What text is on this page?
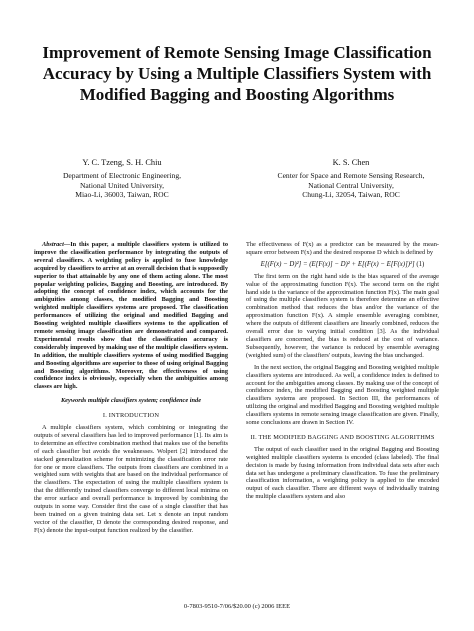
Improvement of Remote Sensing Image Classification Accuracy by Using a Multiple Classifiers System with Modified Bagging and Boosting Algorithms
Y. C. Tzeng, S. H. Chiu
Department of Electronic Engineering,
National United University,
Miao-Li, 36003, Taiwan, ROC
K. S. Chen
Center for Space and Remote Sensing Research,
National Central University,
Chung-Li, 32054, Taiwan, ROC

Abstract—In this paper, a multiple classifiers system is utilized to improve the classification performance by integrating the outputs of several classifiers. A weighting policy is applied to fuse knowledge acquired by classifiers to arrive at an overall decision that is supposedly superior to that attainable by any one of them acting alone. The most popular weighting policies, Bagging and Boosting, are introduced. By adopting the concept of confidence index, which accounts for the ambiguities among classes, the modified Bagging and Boosting weighted multiple classifiers systems are proposed. The classification performances of utilizing the original and modified Bagging and Boosting weighted multiple classifiers systems to the application of remote sensing image classification are demonstrated and compared. Experimental results show that the classification accuracy is considerably improved by making use of the multiple classifiers system. In addition, the multiple classifiers systems of using modified Bagging and Boosting algorithms are superior to those of using original Bagging and Boosting algorithms. Moreover, the effectiveness of using confidence index is obviously, especially when the ambiguities among classes are high.

Keywords multiple classifiers system; confidence inde
I. INTRODUCTION

A multiple classifiers system, which combining or integrating the outputs of several classifiers has led to improved performance [1]. Its aim is to determine an effective combination method that makes use of the benefits of each classifier but avoids the weaknesses. Wolpert [2] introduced the stacked generalization scheme for minimizing the classification error rate for one or more classifiers. The outputs from classifiers are combined in a weighted sum with weights that are based on the individual performance of the classifiers. The expectation of using the multiple classifiers system is that the differently trained classifiers converge to different local minima on the error surface and overall performance is improved by combining the outputs in some way. Consider first the case of a single classifier that has been trained on a given training data set. Let x denote an input random vector of the classifier, D denote the corresponding desired response, and F(x) denote the input-output function realized by the classifier.

The effectiveness of F(x) as a predictor can be measured by the mean-square error between F(x) and the desired response D which is defined by

E[(F(x) − D)²] = (E[F(x)] − D)² + E[(F(x) − E[F(x)])²] (1)

The first term on the right hand side is the bias squared of the average value of the approximating function F(x). The second term on the right hand side is the variance of the approximation function F(x). The main goal of using the multiple classifiers system is therefore determine an effective combination method that reduces the bias and/or the variance of the approximation function F(x). A simple ensemble averaging combiner, where the outputs of different classifiers are linearly combined, reduces the overall error due to varying initial condition [3]. As the individual classifiers are concerned, the bias is reduced at the cost of variance. Subsequently, however, the variance is reduced by ensemble averaging (weighted sum) of the classifiers' outputs, leaving the bias unchanged.

In the next section, the original Bagging and Boosting weighted multiple classifiers systems are introduced. As well, a confidence index is defined to account for the ambiguities among classes. By making use of the concept of confidence index, the modified Bagging and Boosting weighted multiple classifiers systems are proposed. In Section III, the performances of utilizing the original and modified Bagging and Boosting weighted multiple classifiers systems in remote sensing image classification are given. Finally, some conclusions are drawn in Section IV.

II. THE MODIFIED BAGGING AND BOOSTING ALGORITHMS

The output of each classifier used in the original Bagging and Boosting weighted multiple classifiers systems is encoded (class labeled). The final decision is made by fusing information from individual data sets after each data set has undergone a preliminary classification. To fuse the preliminary classification information, a weighting policy is applied to the encoded output of each classifier. There are different ways of individually training the multiple classifiers system and also

0-7803-9510-7/06/$20.00 (c) 2006 IEEE
